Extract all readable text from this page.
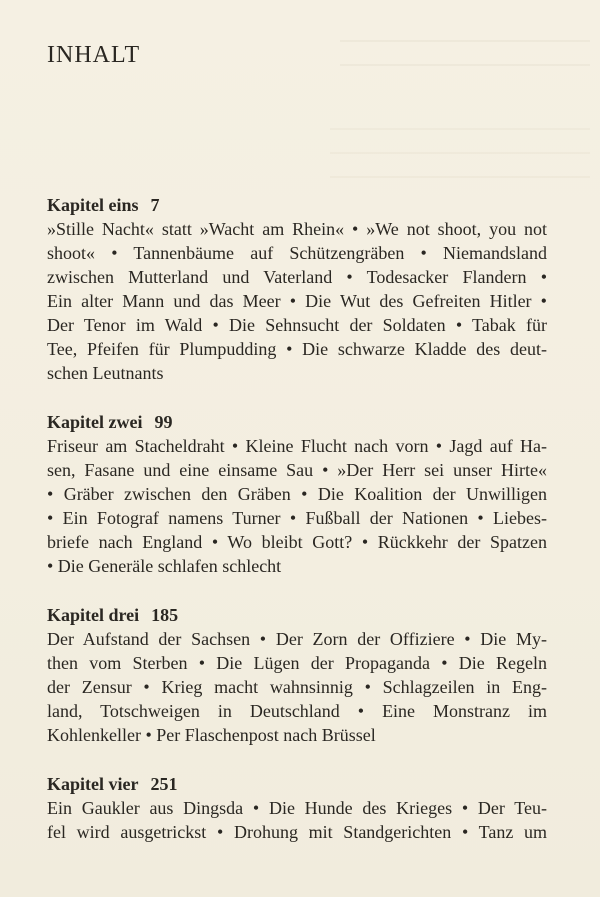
INHALT
Kapitel eins 7
»Stille Nacht« statt »Wacht am Rhein« • »We not shoot, you not
shoot« • Tannenbäume auf Schützengräben • Niemandsland
zwischen Mutterland und Vaterland • Todesacker Flandern •
Ein alter Mann und das Meer • Die Wut des Gefreiten Hitler •
Der Tenor im Wald • Die Sehnsucht der Soldaten • Tabak für
Tee, Pfeifen für Plumpudding • Die schwarze Kladde des deut-
schen Leutnants
Kapitel zwei 99
Friseur am Stacheldraht • Kleine Flucht nach vorn • Jagd auf Ha-
sen, Fasane und eine einsame Sau • »Der Herr sei unser Hirte«
• Gräber zwischen den Gräben • Die Koalition der Unwilligen
• Ein Fotograf namens Turner • Fußball der Nationen • Liebes-
briefe nach England • Wo bleibt Gott? • Rückkehr der Spatzen
• Die Generäle schlafen schlecht
Kapitel drei 185
Der Aufstand der Sachsen • Der Zorn der Offiziere • Die My-
then vom Sterben • Die Lügen der Propaganda • Die Regeln
der Zensur • Krieg macht wahnsinnig • Schlagzeilen in Eng-
land, Totschweigen in Deutschland • Eine Monstranz im
Kohlenkeller • Per Flaschenpost nach Brüssel
Kapitel vier 251
Ein Gaukler aus Dingsda • Die Hunde des Krieges • Der Teu-
fel wird ausgetrickst • Drohung mit Standgerichten • Tanz um
